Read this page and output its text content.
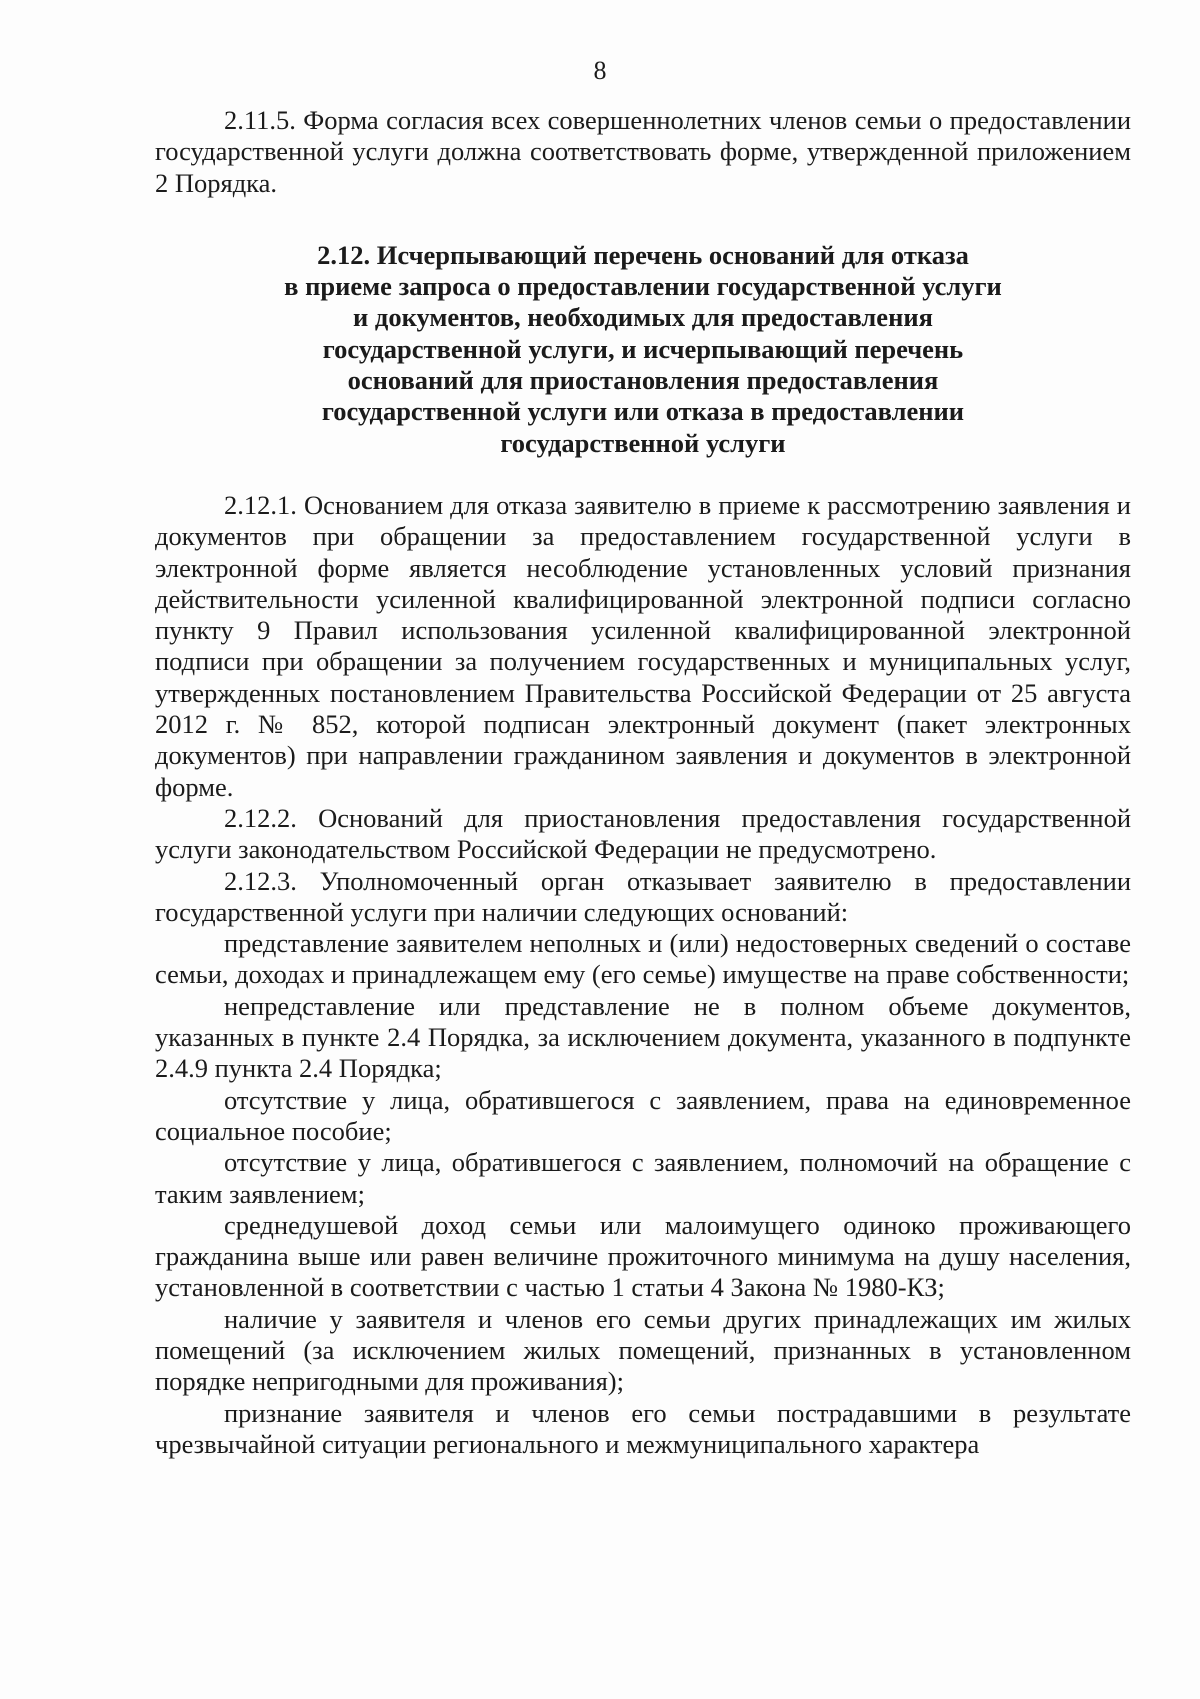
8

2.11.5. Форма согласия всех совершеннолетних членов семьи о предоставлении государственной услуги должна соответствовать форме, утвержденной приложением 2 Порядка.

2.12. Исчерпывающий перечень оснований для отказа
в приеме запроса о предоставлении государственной услуги
и документов, необходимых для предоставления
государственной услуги, и исчерпывающий перечень
оснований для приостановления предоставления
государственной услуги или отказа в предоставлении
государственной услуги

2.12.1. Основанием для отказа заявителю в приеме к рассмотрению заявления и документов при обращении за предоставлением государственной услуги в электронной форме является несоблюдение установленных условий признания действительности усиленной квалифицированной электронной подписи согласно пункту 9 Правил использования усиленной квалифицированной электронной подписи при обращении за получением государственных и муниципальных услуг, утвержденных постановлением Правительства Российской Федерации от 25 августа 2012 г. № 852, которой подписан электронный документ (пакет электронных документов) при направлении гражданином заявления и документов в электронной форме.

2.12.2. Оснований для приостановления предоставления государственной услуги законодательством Российской Федерации не предусмотрено.

2.12.3. Уполномоченный орган отказывает заявителю в предоставлении государственной услуги при наличии следующих оснований:

представление заявителем неполных и (или) недостоверных сведений о составе семьи, доходах и принадлежащем ему (его семье) имуществе на праве собственности;

непредставление или представление не в полном объеме документов, указанных в пункте 2.4 Порядка, за исключением документа, указанного в подпункте 2.4.9 пункта 2.4 Порядка;

отсутствие у лица, обратившегося с заявлением, права на единовременное социальное пособие;

отсутствие у лица, обратившегося с заявлением, полномочий на обращение с таким заявлением;

среднедушевой доход семьи или малоимущего одиноко проживающего гражданина выше или равен величине прожиточного минимума на душу населения, установленной в соответствии с частью 1 статьи 4 Закона № 1980-КЗ;

наличие у заявителя и членов его семьи других принадлежащих им жилых помещений (за исключением жилых помещений, признанных в установленном порядке непригодными для проживания);

признание заявителя и членов его семьи пострадавшими в результате чрезвычайной ситуации регионального и межмуниципального характера
